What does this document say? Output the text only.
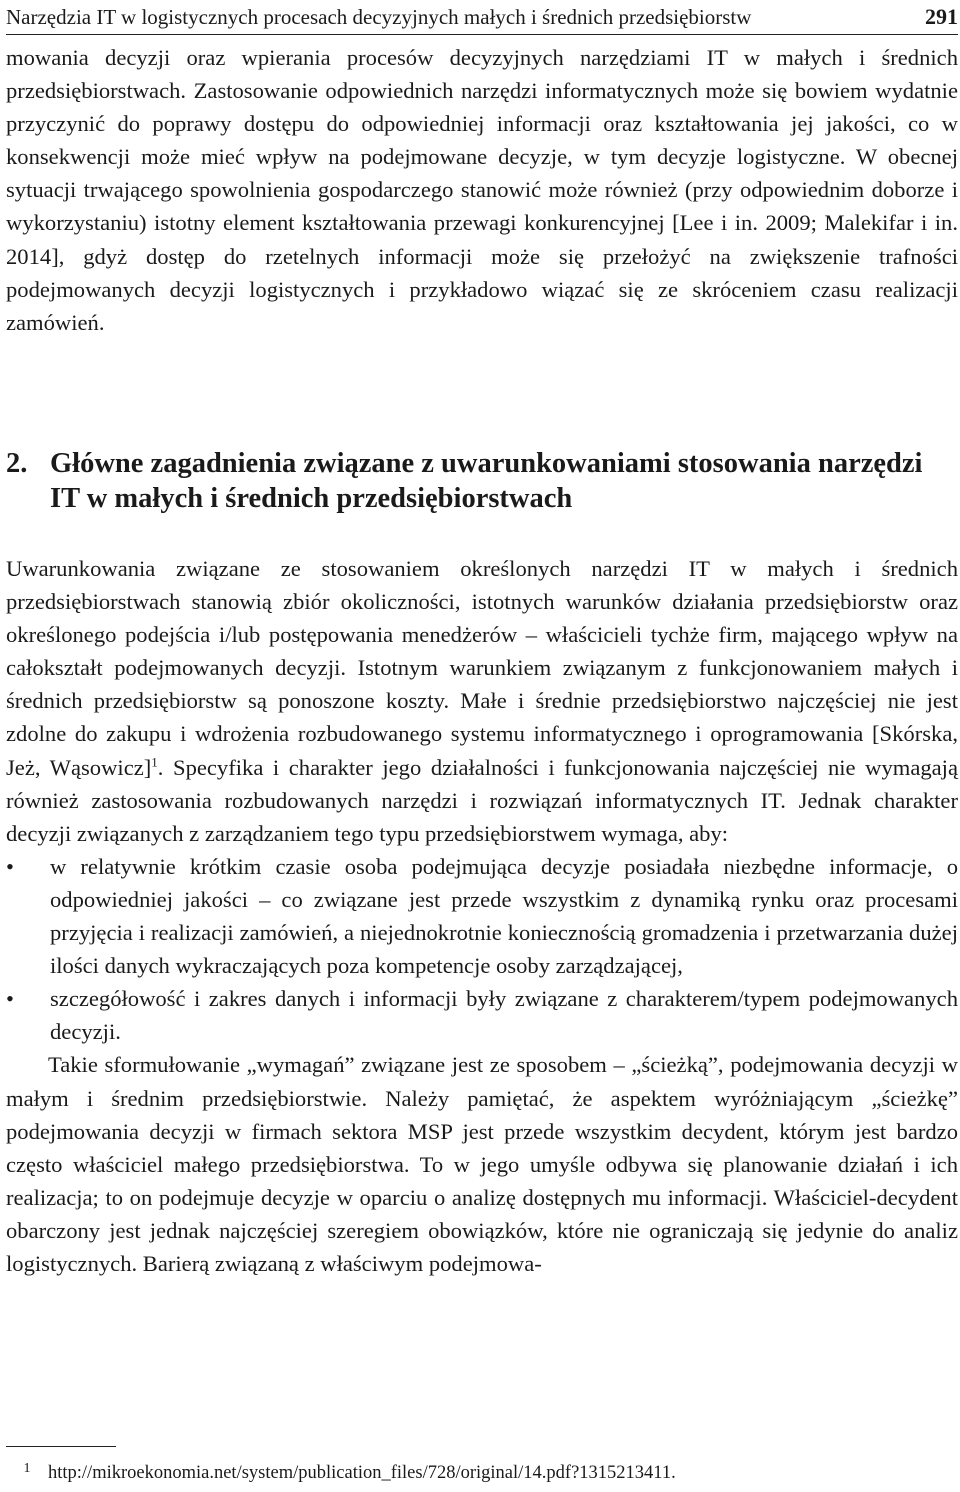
Narzędzia IT w logistycznych procesach decyzyjnych małych i średnich przedsiębiorstw	291

mowania decyzji oraz wpierania procesów decyzyjnych narzędziami IT w małych i średnich przedsiębiorstwach. Zastosowanie odpowiednich narzędzi informatycznych może się bowiem wydatnie przyczynić do poprawy dostępu do odpowiedniej informacji oraz kształtowania jej jakości, co w konsekwencji może mieć wpływ na podejmowane decyzje, w tym decyzje logistyczne. W obecnej sytuacji trwającego spowolnienia gospodarczego stanowić może również (przy odpowiednim doborze i wykorzystaniu) istotny element kształtowania przewagi konkurencyjnej [Lee i in. 2009; Malekifar i in. 2014], gdyż dostęp do rzetelnych informacji może się przełożyć na zwiększenie trafności podejmowanych decyzji logistycznych i przykładowo wiązać się ze skróceniem czasu realizacji zamówień.

2. Główne zagadnienia związane z uwarunkowaniami stosowania narzędzi IT w małych i średnich przedsiębiorstwach

Uwarunkowania związane ze stosowaniem określonych narzędzi IT w małych i średnich przedsiębiorstwach stanowią zbiór okoliczności, istotnych warunków działania przedsiębiorstw oraz określonego podejścia i/lub postępowania menedżerów – właścicieli tychże firm, mającego wpływ na całokształt podejmowanych decyzji. Istotnym warunkiem związanym z funkcjonowaniem małych i średnich przedsiębiorstw są ponoszone koszty. Małe i średnie przedsiębiorstwo najczęściej nie jest zdolne do zakupu i wdrożenia rozbudowanego systemu informatycznego i oprogramowania [Skórska, Jeż, Wąsowicz]$^1$. Specyfika i charakter jego działalności i funkcjonowania najczęściej nie wymagają również zastosowania rozbudowanych narzędzi i rozwiązań informatycznych IT. Jednak charakter decyzji związanych z zarządzaniem tego typu przedsiębiorstwem wymaga, aby:

• w relatywnie krótkim czasie osoba podejmująca decyzje posiadała niezbędne informacje, o odpowiedniej jakości – co związane jest przede wszystkim z dynamiką rynku oraz procesami przyjęcia i realizacji zamówień, a niejednokrotnie koniecznością gromadzenia i przetwarzania dużej ilości danych wykraczających poza kompetencje osoby zarządzającej,
• szczegółowość i zakres danych i informacji były związane z charakterem/typem podejmowanych decyzji.

Takie sformułowanie „wymagań” związane jest ze sposobem – „ścieżką”, podejmowania decyzji w małym i średnim przedsiębiorstwie. Należy pamiętać, że aspektem wyróżniającym „ścieżkę” podejmowania decyzji w firmach sektora MSP jest przede wszystkim decydent, którym jest bardzo często właściciel małego przedsiębiorstwa. To w jego umyśle odbywa się planowanie działań i ich realizacja; to on podejmuje decyzje w oparciu o analizę dostępnych mu informacji. Właściciel-decydent obarczony jest jednak najczęściej szeregiem obowiązków, które nie ograniczają się jedynie do analiz logistycznych. Barierą związaną z właściwym podejmowa-

1 http://mikroekonomia.net/system/publication_files/728/original/14.pdf?1315213411.
